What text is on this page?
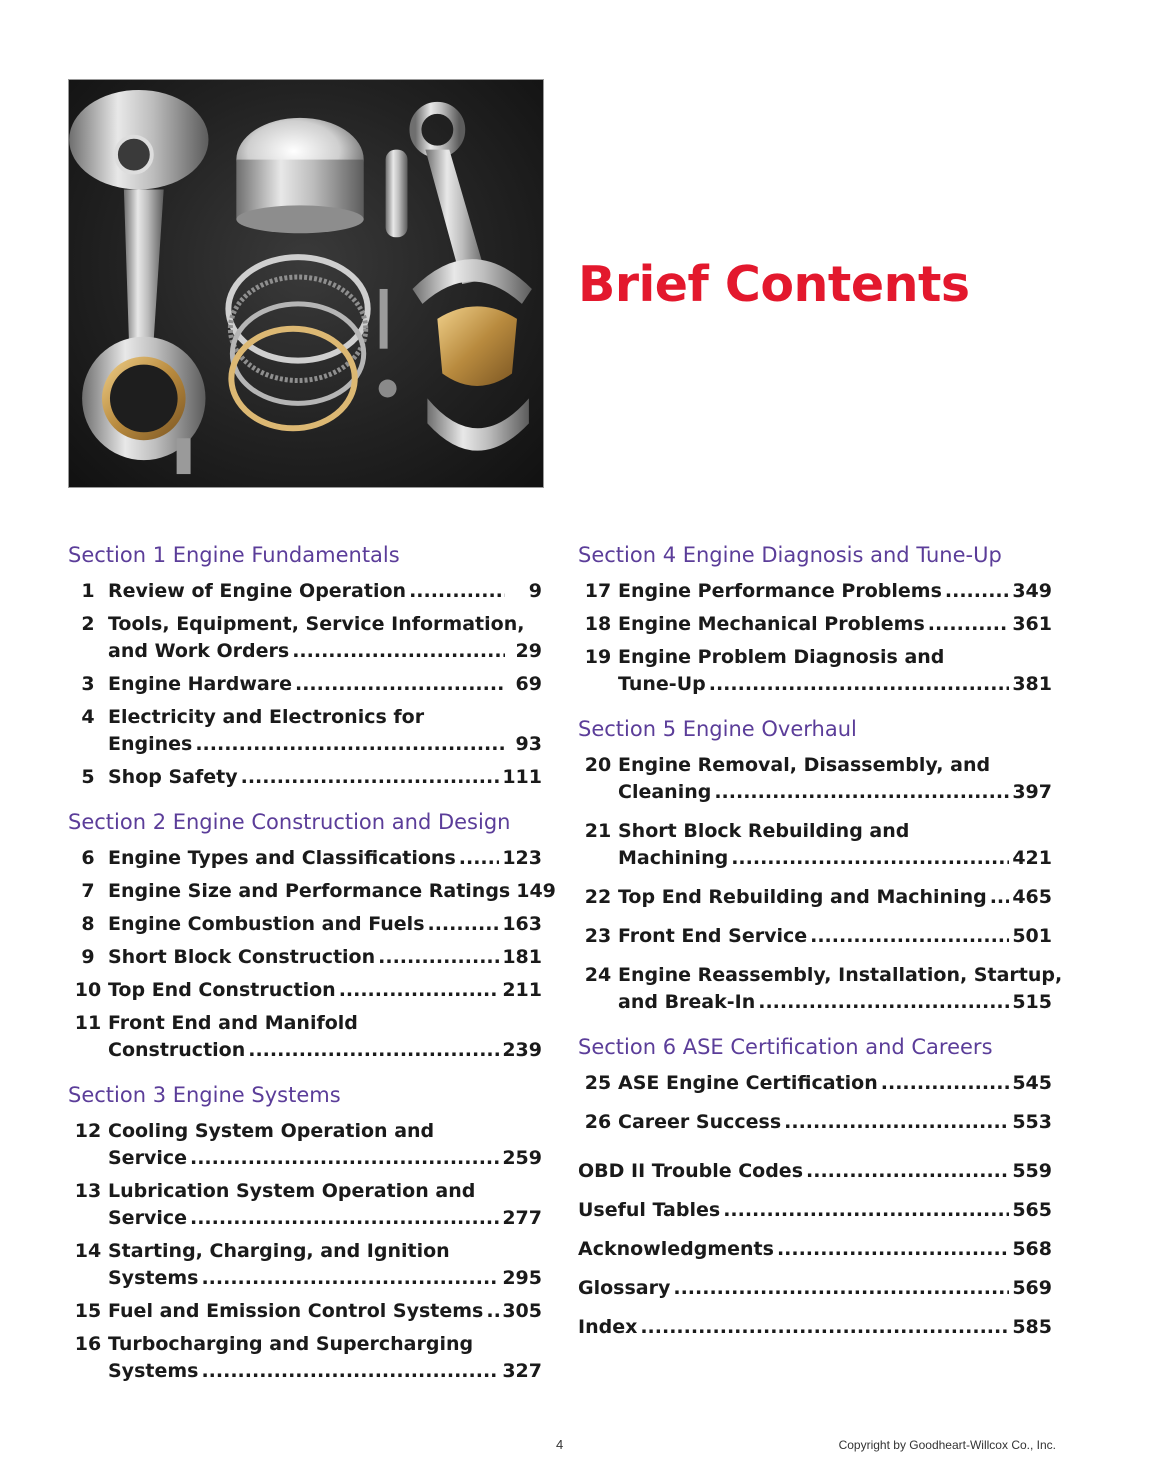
Brief Contents
Section 1 Engine Fundamentals
1 Review of Engine Operation .....	9
2 Tools, Equipment, Service Information,
and Work Orders .....	29
3 Engine Hardware .....	69
4 Electricity and Electronics for
Engines .....	93
5 Shop Safety .....	111
Section 2 Engine Construction and Design
6 Engine Types and Classifications ..... 123
7 Engine Size and Performance Ratings 149
8 Engine Combustion and Fuels .....	163
9 Short Block Construction .....	181
10 Top End Construction .....	211
11 Front End and Manifold
Construction .....	239
Section 3 Engine Systems
12 Cooling System Operation and
Service .....	259
13 Lubrication System Operation and
Service .....	277
14 Starting, Charging, and Ignition
Systems .....	295
15 Fuel and Emission Control Systems ..... 305
16 Turbocharging and Supercharging
Systems .....	327
Section 4 Engine Diagnosis and Tune-Up
17 Engine Performance Problems .....	349
18 Engine Mechanical Problems .....	361
19 Engine Problem Diagnosis and
Tune-Up .....	381
Section 5 Engine Overhaul
20 Engine Removal, Disassembly, and
Cleaning .....	397
21 Short Block Rebuilding and
Machining .....	421
22 Top End Rebuilding and Machining ..... 465
23 Front End Service .....	501
24 Engine Reassembly, Installation, Startup,
and Break-In .....	515
Section 6 ASE Certification and Careers
25 ASE Engine Certification .....	545
26 Career Success .....	553
OBD II Trouble Codes .....	559
Useful Tables .....	565
Acknowledgments .....	568
Glossary .....	569
Index .....	585
4	Copyright by Goodheart-Willcox Co., Inc.
